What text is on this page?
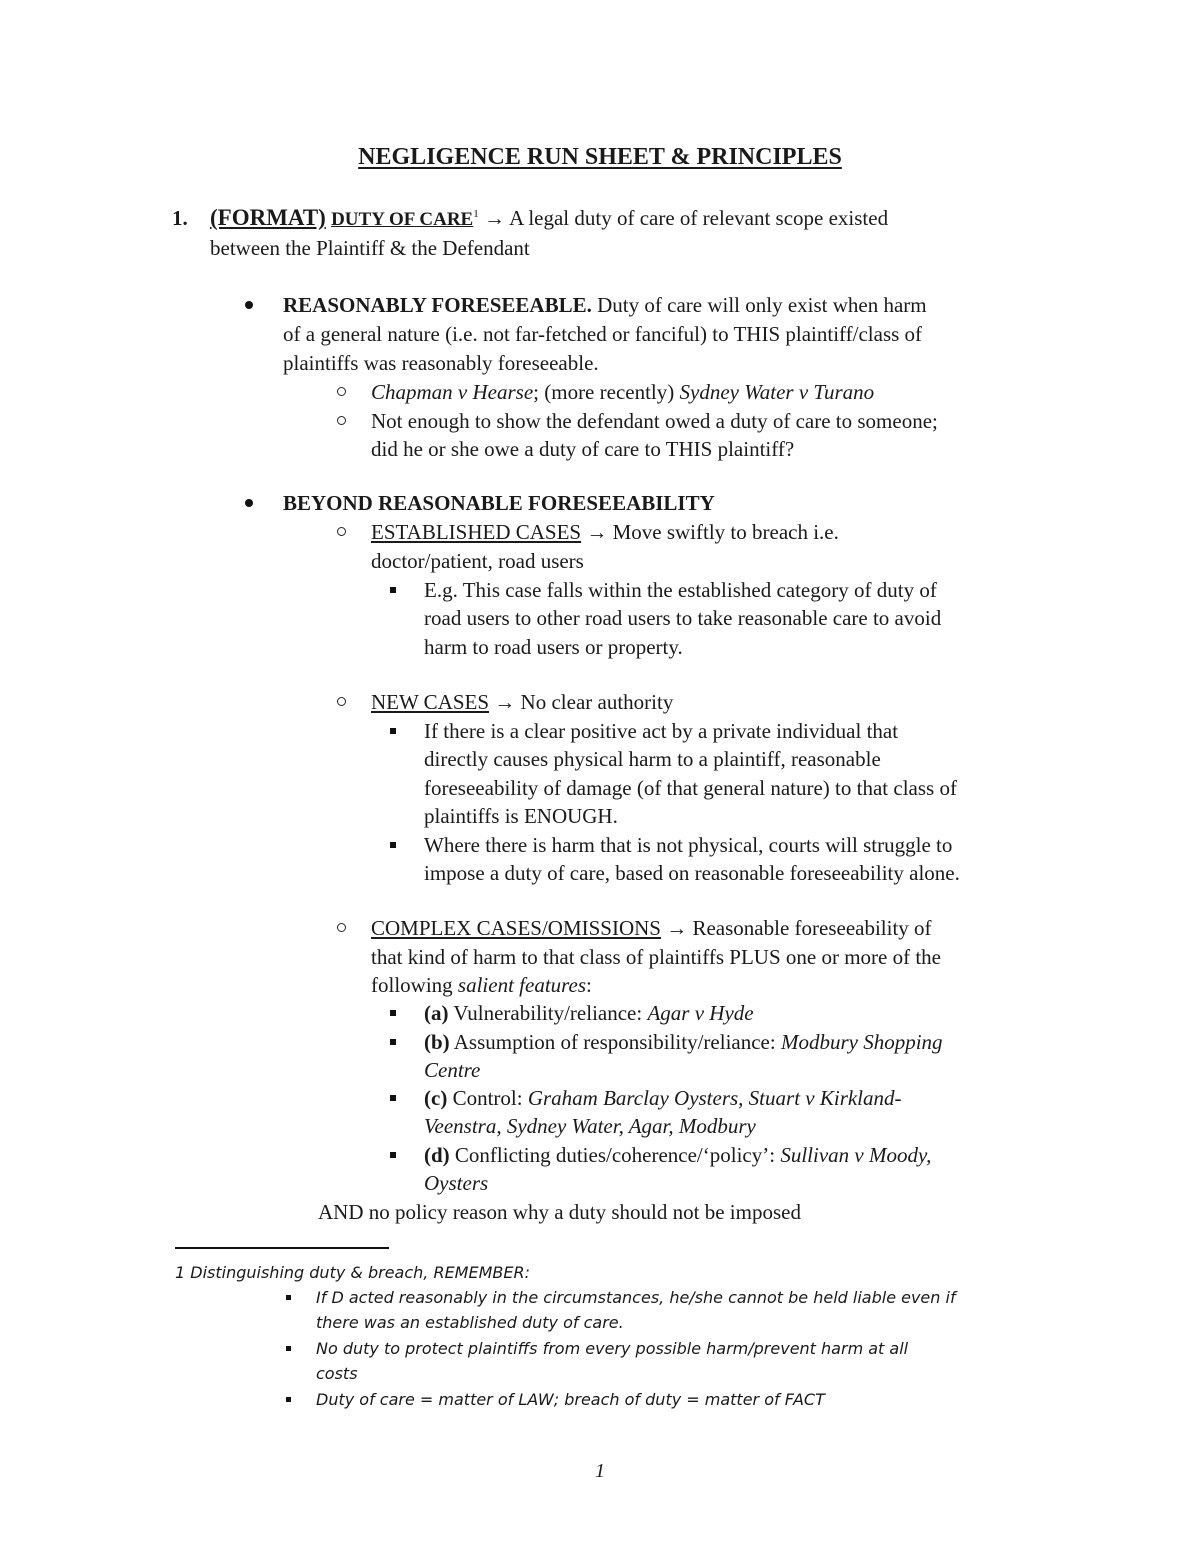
NEGLIGENCE RUN SHEET & PRINCIPLES
1. (FORMAT) DUTY OF $CARE^1 \to A$ legal duty of care of relevant scope existed
between the Plaintiff & the Defendant
REASONABLY FORESEEABLE. Duty of care will only exist when harm
of a general nature (i.e. not far-fetched or fanciful) to THIS plaintiff/class of
plaintiffs was reasonably foreseeable.
Chapman v Hearse; (more recently) Sydney Water v Turano
Not enough to show the defendant owed a duty of care to someone;
did he or she owe a duty of care to THIS plaintiff?
BEYOND REASONABLE FORESEEABILITY
ESTABLISHED CASES → Move swiftly to breach i.e.
doctor/patient, road users
E.g. This case falls within the established category of duty of
road users to other road users to take reasonable care to avoid
harm to road users or property.
NEW CASES → No clear authority
If there is a clear positive act by a private individual that
directly causes physical harm to a plaintiff, reasonable
foreseeability of damage (of that general nature) to that class of
plaintiffs is ENOUGH.
Where there is harm that is not physical, courts will struggle to
impose a duty of care, based on reasonable foreseeability alone.
COMPLEX CASES/OMISSIONS → Reasonable foreseeability of
that kind of harm to that class of plaintiffs PLUS one or more of the
following salient features:
(a) Vulnerability/reliance: Agar v Hyde
(b) Assumption of responsibility/reliance: Modbury Shopping
Centre
(c) Control: Graham Barclay Oysters, Stuart v Kirkland-
Veenstra, Sydney Water, Agar, Modbury
(d) Conflicting duties/coherence/‘policy’: Sullivan v Moody,
Oysters
AND no policy reason why a duty should not be imposed
1 Distinguishing duty & breach, REMEMBER:
If D acted reasonably in the circumstances, he/she cannot be held liable even if
there was an established duty of care.
No duty to protect plaintiffs from every possible harm/prevent harm at all
costs
Duty of care = matter of LAW; breach of duty = matter of FACT
1
